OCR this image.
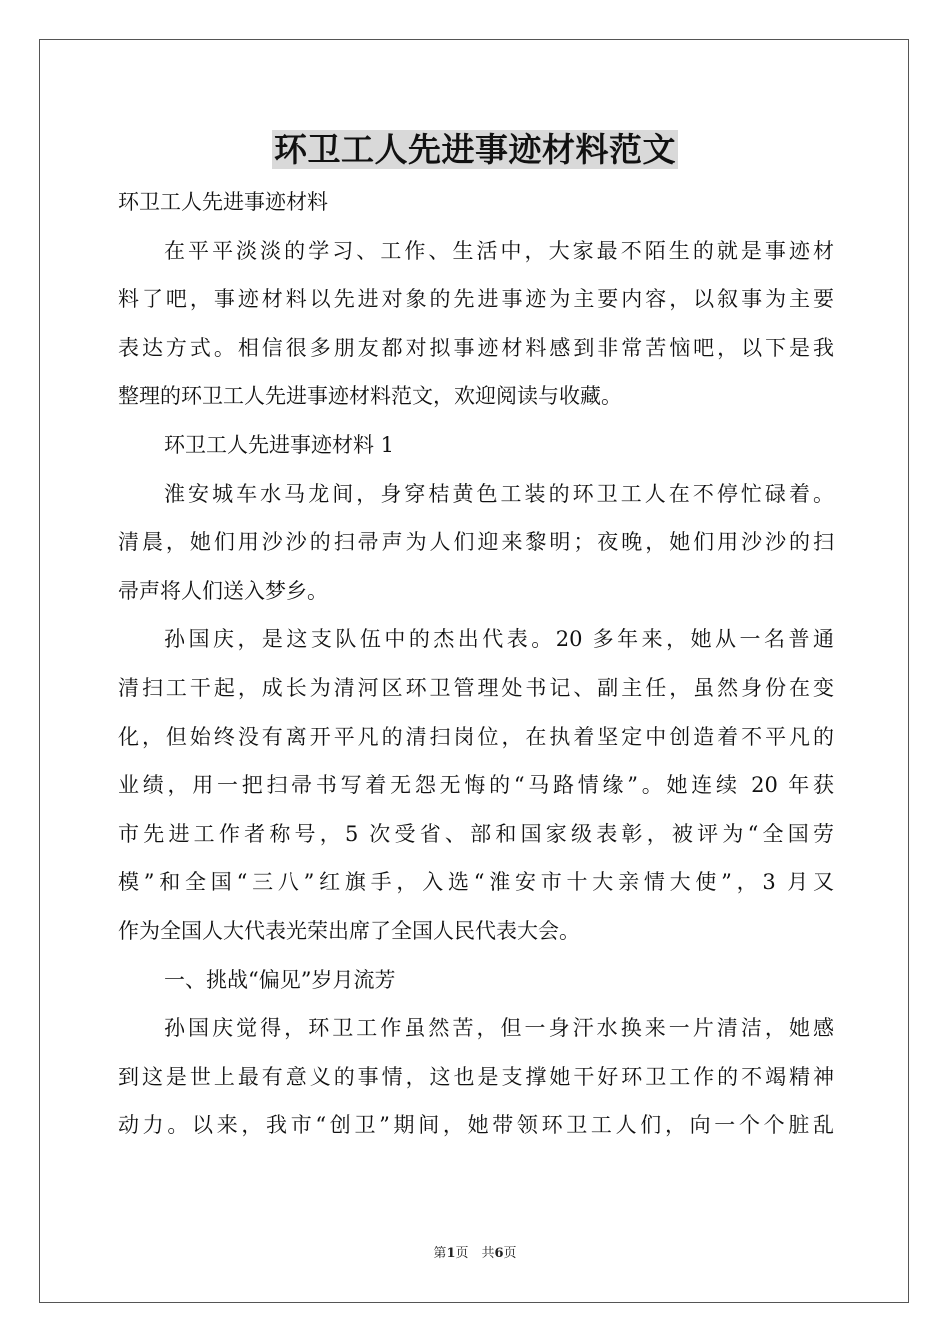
环卫工人先进事迹材料范文
环卫工人先进事迹材料
在平平淡淡的学习、工作、生活中，大家最不陌生的就是事迹材
料了吧，事迹材料以先进对象的先进事迹为主要内容，以叙事为主要
表达方式。相信很多朋友都对拟事迹材料感到非常苦恼吧，以下是我
整理的环卫工人先进事迹材料范文，欢迎阅读与收藏。
环卫工人先进事迹材料 1
淮安城车水马龙间，身穿桔黄色工装的环卫工人在不停忙碌着。
清晨，她们用沙沙的扫帚声为人们迎来黎明；夜晚，她们用沙沙的扫
帚声将人们送入梦乡。
孙国庆，是这支队伍中的杰出代表。20 多年来，她从一名普通
清扫工干起，成长为清河区环卫管理处书记、副主任，虽然身份在变
化，但始终没有离开平凡的清扫岗位，在执着坚定中创造着不平凡的
业绩，用一把扫帚书写着无怨无悔的“马路情缘”。她连续 20 年获
市先进工作者称号，5 次受省、部和国家级表彰，被评为“全国劳
模”和全国“三八”红旗手，入选“淮安市十大亲情大使”，3 月又
作为全国人大代表光荣出席了全国人民代表大会。
一、挑战“偏见”岁月流芳
孙国庆觉得，环卫工作虽然苦，但一身汗水换来一片清洁，她感
到这是世上最有意义的事情，这也是支撑她干好环卫工作的不竭精神
动力。以来，我市“创卫”期间，她带领环卫工人们，向一个个脏乱
第1页　共6页
